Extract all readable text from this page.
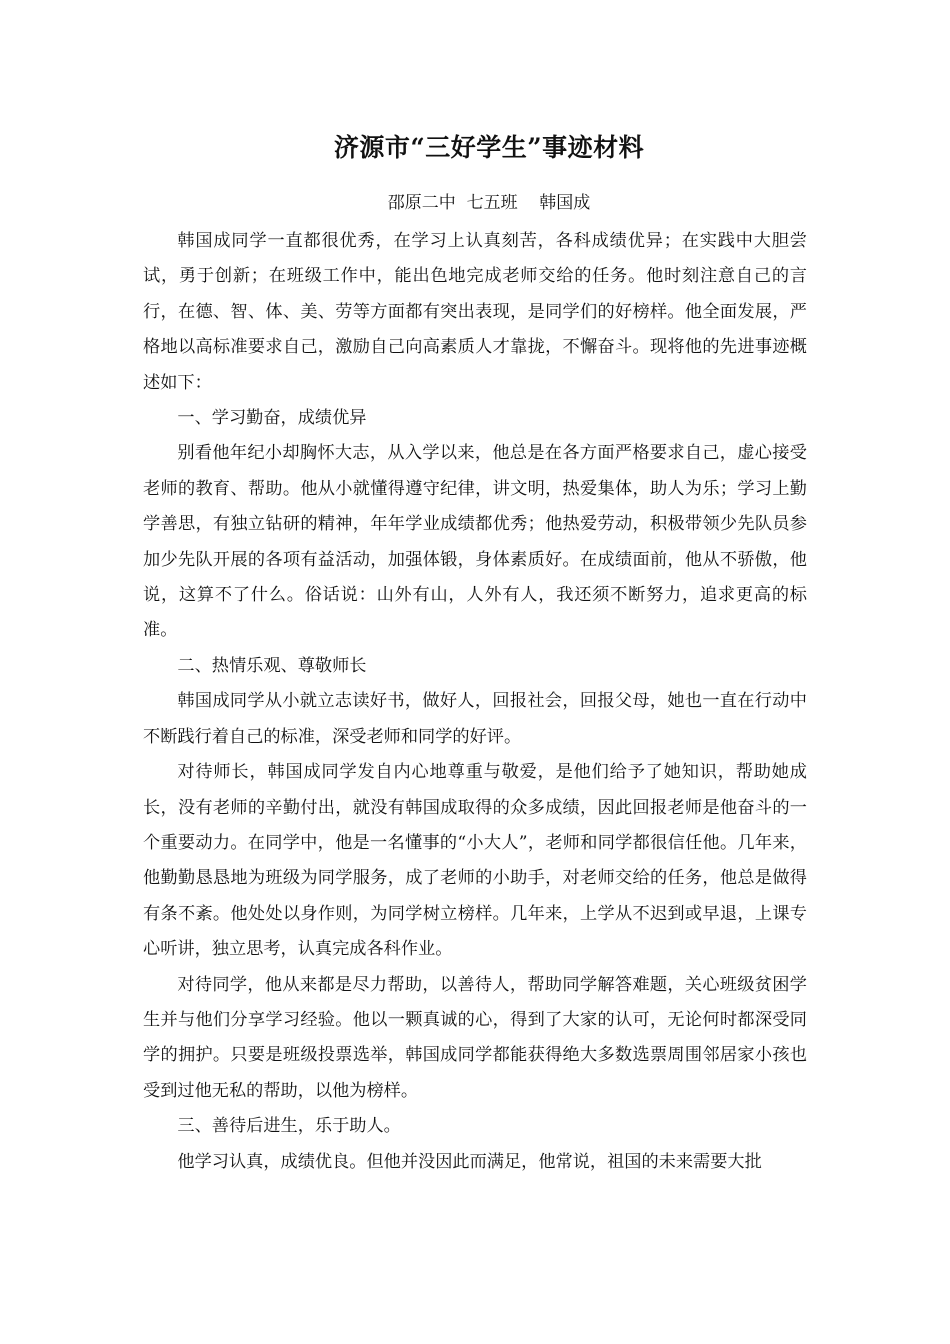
济源市“三好学生”事迹材料
邵原二中  七五班    韩国成

韩国成同学一直都很优秀，在学习上认真刻苦，各科成绩优异；在实践中大胆尝试，勇于创新；在班级工作中，能出色地完成老师交给的任务。他时刻注意自己的言行，在德、智、体、美、劳等方面都有突出表现，是同学们的好榜样。他全面发展，严格地以高标准要求自己，激励自己向高素质人才靠拢，不懈奋斗。现将他的先进事迹概述如下：

一、学习勤奋，成绩优异

别看他年纪小却胸怀大志，从入学以来，他总是在各方面严格要求自己，虚心接受老师的教育、帮助。他从小就懂得遵守纪律，讲文明，热爱集体，助人为乐；学习上勤学善思，有独立钻研的精神，年年学业成绩都优秀；他热爱劳动，积极带领少先队员参加少先队开展的各项有益活动，加强体锻，身体素质好。在成绩面前，他从不骄傲，他说，这算不了什么。俗话说：山外有山，人外有人，我还须不断努力，追求更高的标准。

二、热情乐观、尊敬师长

韩国成同学从小就立志读好书，做好人，回报社会，回报父母，她也一直在行动中不断践行着自己的标准，深受老师和同学的好评。

对待师长，韩国成同学发自内心地尊重与敬爱，是他们给予了她知识，帮助她成长，没有老师的辛勤付出，就没有韩国成取得的众多成绩，因此回报老师是他奋斗的一个重要动力。在同学中，他是一名懂事的“小大人”，老师和同学都很信任他。几年来，他勤勤恳恳地为班级为同学服务，成了老师的小助手，对老师交给的任务，他总是做得有条不紊。他处处以身作则，为同学树立榜样。几年来，上学从不迟到或早退，上课专心听讲，独立思考，认真完成各科作业。

对待同学，他从来都是尽力帮助，以善待人，帮助同学解答难题，关心班级贫困学生并与他们分享学习经验。他以一颗真诚的心，得到了大家的认可，无论何时都深受同学的拥护。只要是班级投票选举，韩国成同学都能获得绝大多数选票周围邻居家小孩也受到过他无私的帮助，以他为榜样。

三、善待后进生，乐于助人。

他学习认真，成绩优良。但他并没因此而满足，他常说，祖国的未来需要大批
